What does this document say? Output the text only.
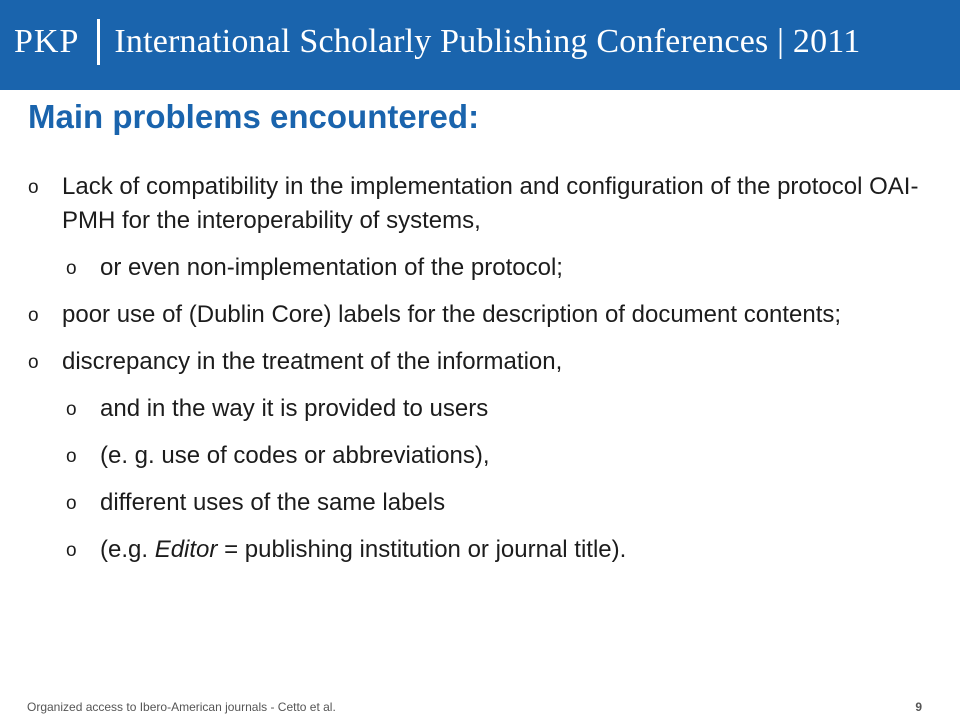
PKP International Scholarly Publishing Conferences | 2011
Main problems encountered:
o Lack of compatibility in the implementation and configuration of the protocol OAI-PMH for the interoperability of systems,
o or even non-implementation of the protocol;
o poor use of (Dublin Core) labels for the description of document contents;
o discrepancy in the treatment of the information,
o and in the way it is provided to users
o (e. g. use of codes or abbreviations),
o different uses of the same labels
o (e.g. Editor = publishing institution or journal title).
Organized access to Ibero-American journals - Cetto et al.	9
